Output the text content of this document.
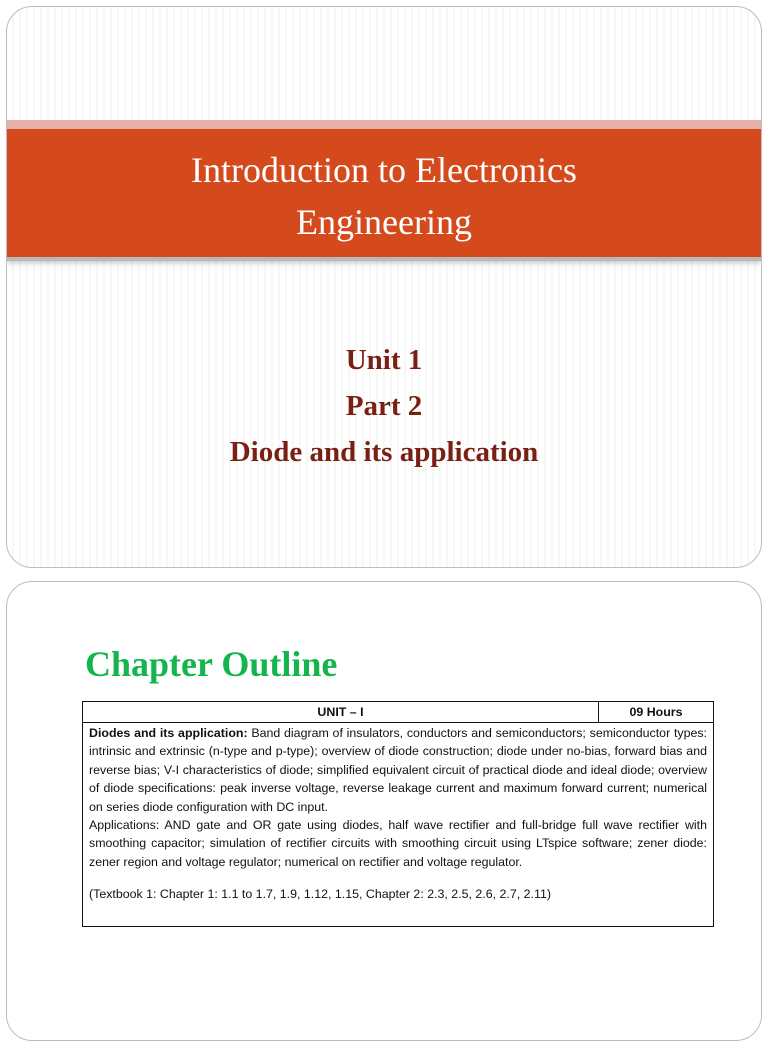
Introduction to Electronics
Engineering
Unit 1
Part 2
Diode and its application
Chapter Outline
UNIT – I	09 Hours

Diodes and its application: Band diagram of insulators, conductors and semiconductors; semiconductor types: intrinsic and extrinsic (n-type and p-type); overview of diode construction; diode under no-bias, forward bias and reverse bias; V-I characteristics of diode; simplified equivalent circuit of practical diode and ideal diode; overview of diode specifications: peak inverse voltage, reverse leakage current and maximum forward current; numerical on series diode configuration with DC input.

Applications: AND gate and OR gate using diodes, half wave rectifier and full-bridge full wave rectifier with smoothing capacitor; simulation of rectifier circuits with smoothing circuit using LTspice software; zener diode: zener region and voltage regulator; numerical on rectifier and voltage regulator.

(Textbook 1: Chapter 1: 1.1 to 1.7, 1.9, 1.12, 1.15, Chapter 2: 2.3, 2.5, 2.6, 2.7, 2.11)
